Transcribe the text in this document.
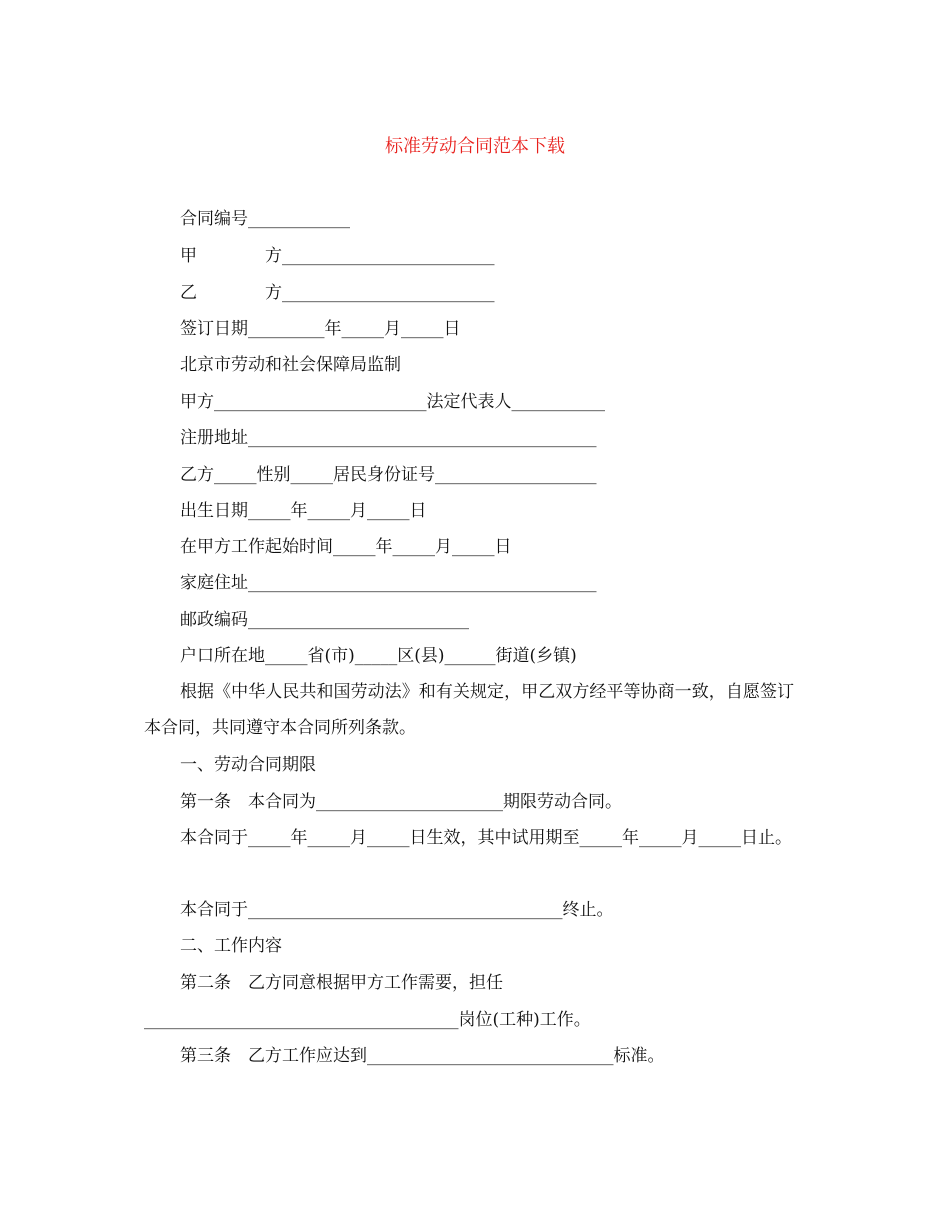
标准劳动合同范本下载
合同编号____________
甲　　　　方_________________________
乙　　　　方_________________________
签订日期_________年_____月_____日
北京市劳动和社会保障局监制
甲方_________________________法定代表人___________
注册地址_________________________________________
乙方_____性别_____居民身份证号___________________
出生日期_____年_____月_____日
在甲方工作起始时间_____年_____月_____日
家庭住址_________________________________________
邮政编码__________________________
户口所在地_____省(市)_____区(县)______街道(乡镇)

根据《中华人民共和国劳动法》和有关规定，甲乙双方经平等协商一致，自愿签订本合同，共同遵守本合同所列条款。

一、劳动合同期限
第一条　本合同为______________________期限劳动合同。

本合同于_____年_____月_____日生效，其中试用期至_____年_____月_____日止。

本合同于_____________________________________终止。
二、工作内容
第二条　乙方同意根据甲方工作需要，担任
_____________________________________岗位(工种)工作。
第三条　乙方工作应达到_____________________________标准。
